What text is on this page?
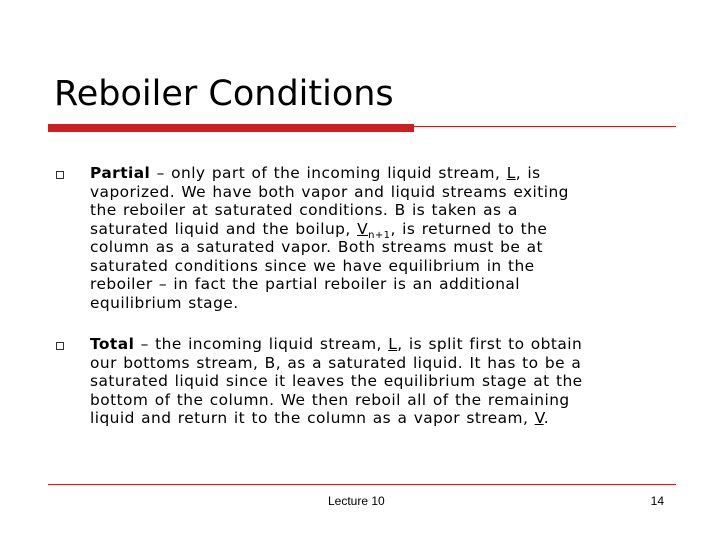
Reboiler Conditions

Partial – only part of the incoming liquid stream, L, is

vaporized. We have both vapor and liquid streams exiting

the reboiler at saturated conditions. B is taken as a

saturated liquid and the boilup, $V_{n+1}$, is returned to the

column as a saturated vapor. Both streams must be at

saturated conditions since we have equilibrium in the

reboiler – in fact the partial reboiler is an additional

equilibrium stage.

Total – the incoming liquid stream, L, is split first to obtain

our bottoms stream, B, as a saturated liquid. It has to be a

saturated liquid since it leaves the equilibrium stage at the

bottom of the column. We then reboil all of the remaining

liquid and return it to the column as a vapor stream, V.

Lecture 10	14
